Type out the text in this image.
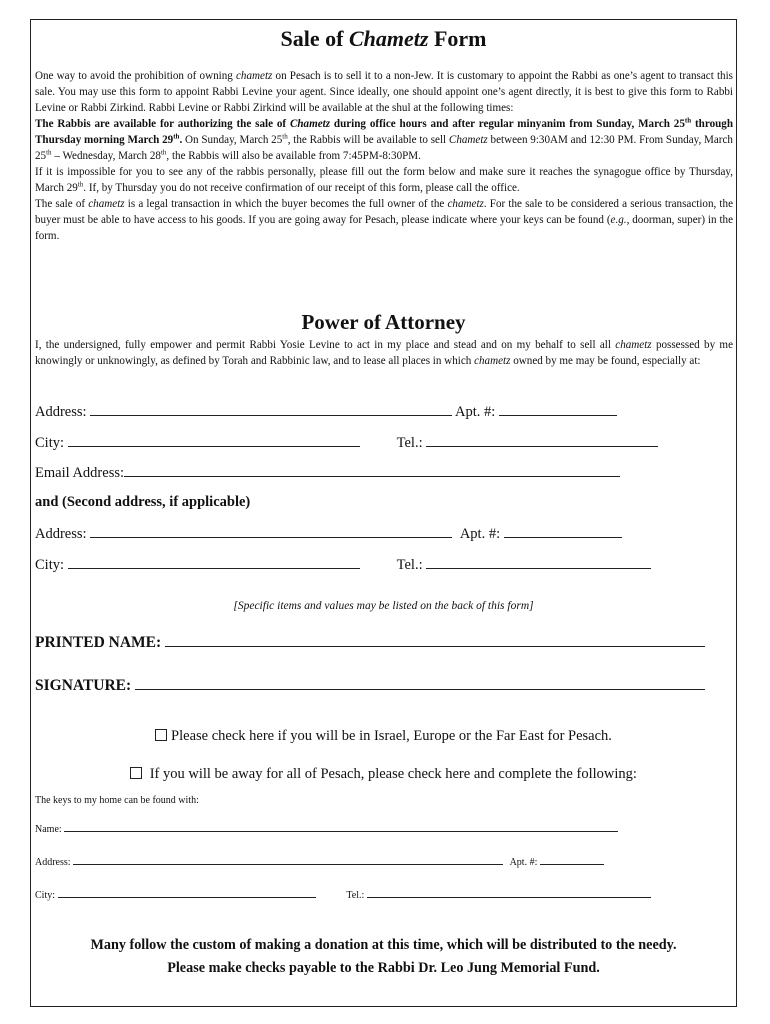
Sale of Chametz Form

One way to avoid the prohibition of owning chametz on Pesach is to sell it to a non-Jew. It is customary to appoint the Rabbi as one’s agent to transact this sale. You may use this form to appoint Rabbi Levine your agent. Since ideally, one should appoint one’s agent directly, it is best to give this form to Rabbi Levine or Rabbi Zirkind. Rabbi Levine or Rabbi Zirkind will be available at the shul at the following times:

The Rabbis are available for authorizing the sale of Chametz during office hours and after regular minyanim from Sunday, March 25th through Thursday morning March 29th. On Sunday, March 25th, the Rabbis will be available to sell Chametz between 9:30AM and 12:30 PM. From Sunday, March 25th – Wednesday, March 28th, the Rabbis will also be available from 7:45PM-8:30PM.

If it is impossible for you to see any of the rabbis personally, please fill out the form below and make sure it reaches the synagogue office by Thursday, March 29th. If, by Thursday you do not receive confirmation of our receipt of this form, please call the office.

The sale of chametz is a legal transaction in which the buyer becomes the full owner of the chametz. For the sale to be considered a serious transaction, the buyer must be able to have access to his goods. If you are going away for Pesach, please indicate where your keys can be found (e.g., doorman, super) in the form.

Power of Attorney

I, the undersigned, fully empower and permit Rabbi Yosie Levine to act in my place and stead and on my behalf to sell all chametz possessed by me knowingly or unknowingly, as defined by Torah and Rabbinic law, and to lease all places in which chametz owned by me may be found, especially at:

Address:	Apt. #:
City:	Tel.:
Email Address:
and (Second address, if applicable)
Address:	Apt. #:
City:	Tel.:
[Specific items and values may be listed on the back of this form]
PRINTED NAME:
SIGNATURE:
Please check here if you will be in Israel, Europe or the Far East for Pesach.
If you will be away for all of Pesach, please check here and complete the following:
The keys to my home can be found with:
Name:
Address:	Apt. #:
City:	Tel.:
Many follow the custom of making a donation at this time, which will be distributed to the needy.
Please make checks payable to the Rabbi Dr. Leo Jung Memorial Fund.
